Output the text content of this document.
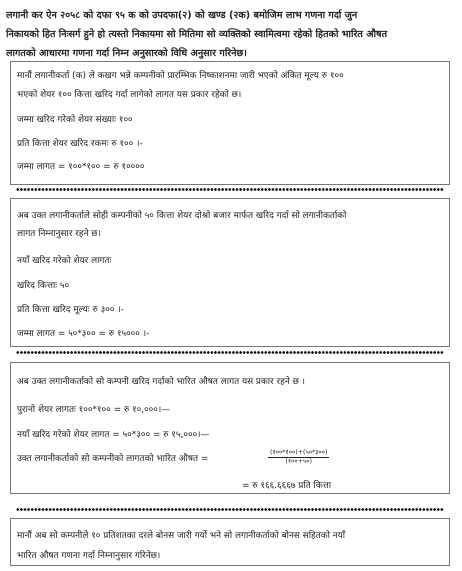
लगानी कर ऐन २०५८ को दफा ९५ क को उपदफा(२) को खण्ड (२क) बमोजिम लाभ गणना गर्दा जुन
निकायको हित निःसर्ग हुने हो त्यस्तो निकायमा सो मितिमा सो व्यक्तिको स्वामित्वमा रहेको हितको भारित औषत
लागतको आधारमा गणना गर्दा निम्न अनुसारको विधि अनुसार गरिनेछ।
मानौं लगानीकर्ता (क) ले कखग भन्ने कम्पनीको प्रारम्भिक निष्काशनमा जारी भएको अंकित मूल्य रु १००
भएको शेयर १०० कित्ता खरिद गर्दा लागेको लागत यस प्रकार रहेको छ।
जम्मा खरिद गरेको शेयर संख्याः १००
प्रति कित्ता शेयर खरिद रकमः रु १०० ।-
जम्मा लागत = १००*१०० = रु १००००
अब उक्त लगानीकर्ताले सोही कम्पनीको ५० कित्ता शेयर दोश्रो बजार मार्फत खरिद गर्दा सो लगानीकर्ताको
लागत निम्नानुसार रहने छ।
नयाँ खरिद गरेको शेयर लागतः
खरिद कित्ताः ५०
प्रति कित्ता खरिद मूल्यः रु ३०० ।-
जम्मा लागत = ५०*३०० = रु १५००० ।-
अब उक्त लगानीकर्ताको सो कम्पनी खरिद गर्दाको भारित औषत लागत यस प्रकार रहने छ ।
पुरानो शेयर लागतः १००*१०० = रु १०,०००।—
नयाँ खरिद गरेको शेयर लागत = ५०*३०० = रु १५,०००।—
उक्त लगानीकर्ताको सो कम्पनीको लागतको भारित औषत =
(१००*१००)+(५०*३००)
(१००+५०)
= रु १६६.६६६७ प्रति कित्ता
मानौं अब सो कम्पनीले १० प्रतिशतका दरले बोनस जारी गर्यो भने सो लगानीकर्ताको बोनस सहितको नयाँ
भारित औषत गणना गर्दा निम्नानुसार गरिनेछ।
